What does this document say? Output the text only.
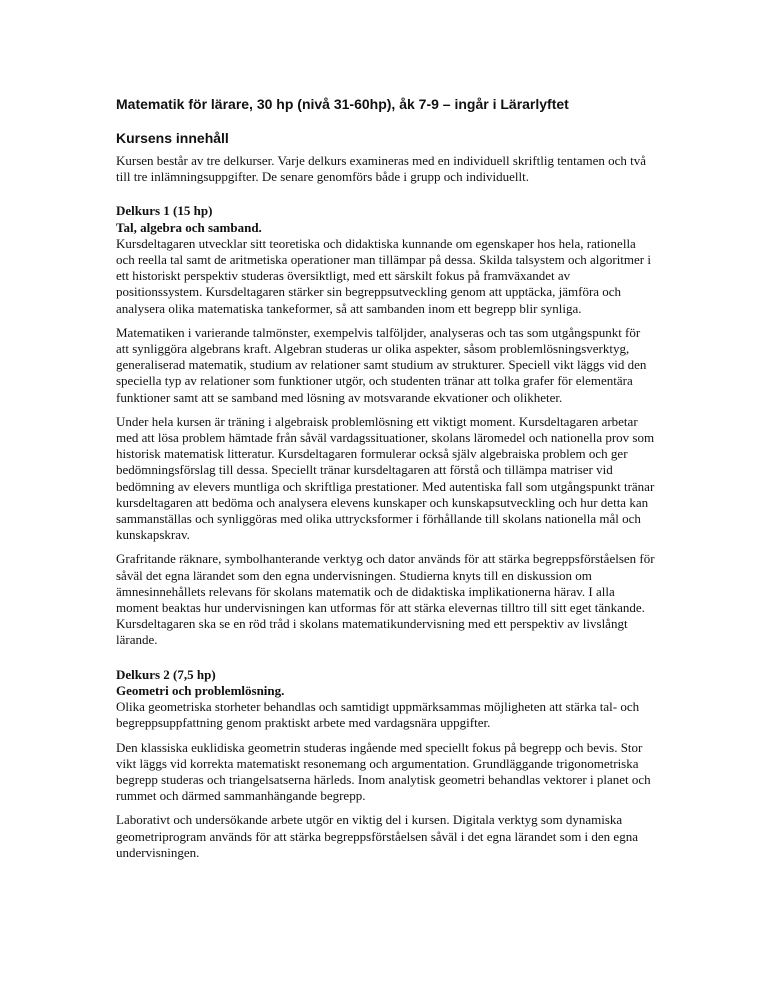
Matematik för lärare, 30 hp (nivå 31-60hp), åk 7-9 – ingår i Lärarlyftet
Kursens innehåll

Kursen består av tre delkurser. Varje delkurs examineras med en individuell skriftlig tentamen och två till tre inlämningsuppgifter. De senare genomförs både i grupp och individuellt.

Delkurs 1 (15 hp)
Tal, algebra och samband.

Kursdeltagaren utvecklar sitt teoretiska och didaktiska kunnande om egenskaper hos hela, rationella och reella tal samt de aritmetiska operationer man tillämpar på dessa. Skilda talsystem och algoritmer i ett historiskt perspektiv studeras översiktligt, med ett särskilt fokus på framväxandet av positionssystem. Kursdeltagaren stärker sin begreppsutveckling genom att upptäcka, jämföra och analysera olika matematiska tankeformer, så att sambanden inom ett begrepp blir synliga.

Matematiken i varierande talmönster, exempelvis talföljder, analyseras och tas som utgångspunkt för att synliggöra algebrans kraft. Algebran studeras ur olika aspekter, såsom problemlösningsverktyg, generaliserad matematik, studium av relationer samt studium av strukturer. Speciell vikt läggs vid den speciella typ av relationer som funktioner utgör, och studenten tränar att tolka grafer för elementära funktioner samt att se samband med lösning av motsvarande ekvationer och olikheter.

Under hela kursen är träning i algebraisk problemlösning ett viktigt moment. Kursdeltagaren arbetar med att lösa problem hämtade från såväl vardagssituationer, skolans läromedel och nationella prov som historisk matematisk litteratur. Kursdeltagaren formulerar också själv algebraiska problem och ger bedömningsförslag till dessa. Speciellt tränar kursdeltagaren att förstå och tillämpa matriser vid bedömning av elevers muntliga och skriftliga prestationer. Med autentiska fall som utgångspunkt tränar kursdeltagaren att bedöma och analysera elevens kunskaper och kunskapsutveckling och hur detta kan sammanställas och synliggöras med olika uttrycksformer i förhållande till skolans nationella mål och kunskapskrav.

Grafritande räknare, symbolhanterande verktyg och dator används för att stärka begreppsförståelsen för såväl det egna lärandet som den egna undervisningen. Studierna knyts till en diskussion om ämnesinnehållets relevans för skolans matematik och de didaktiska implikationerna härav. I alla moment beaktas hur undervisningen kan utformas för att stärka elevernas tilltro till sitt eget tänkande. Kursdeltagaren ska se en röd tråd i skolans matematikundervisning med ett perspektiv av livslångt lärande.

Delkurs 2 (7,5 hp)
Geometri och problemlösning.

Olika geometriska storheter behandlas och samtidigt uppmärksammas möjligheten att stärka tal- och begreppsuppfattning genom praktiskt arbete med vardagsnära uppgifter.

Den klassiska euklidiska geometrin studeras ingående med speciellt fokus på begrepp och bevis. Stor vikt läggs vid korrekta matematiskt resonemang och argumentation. Grundläggande trigonometriska begrepp studeras och triangelsatserna härleds. Inom analytisk geometri behandlas vektorer i planet och rummet och därmed sammanhängande begrepp.

Laborativt och undersökande arbete utgör en viktig del i kursen. Digitala verktyg som dynamiska geometriprogram används för att stärka begreppsförståelsen såväl i det egna lärandet som i den egna undervisningen.
